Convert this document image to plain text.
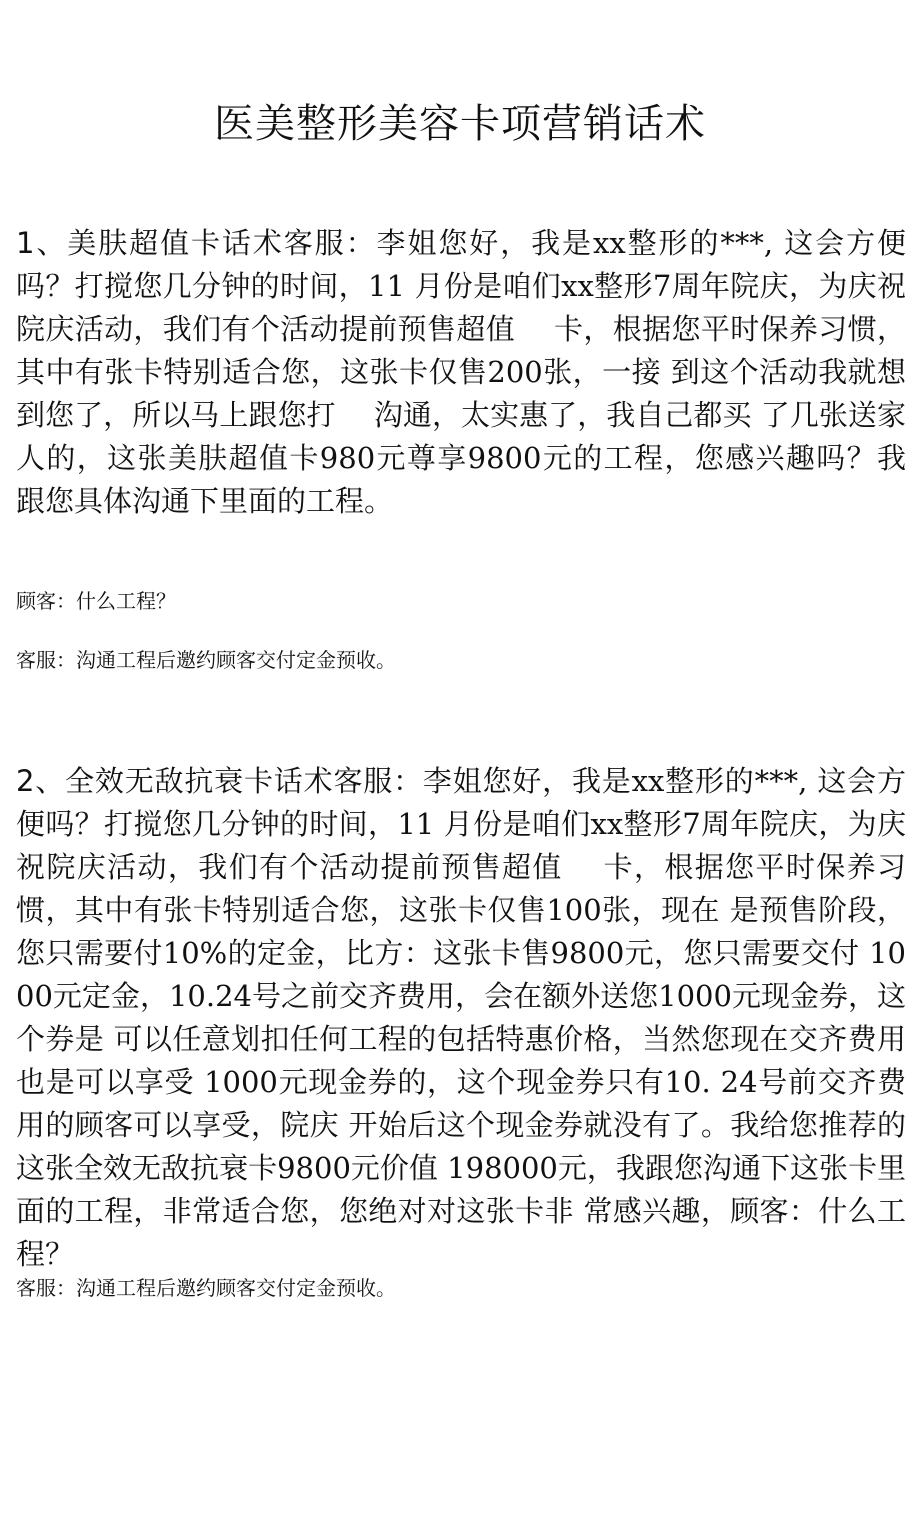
医美整形美容卡项营销话术

1、美肤超值卡话术客服：李姐您好，我是xx整形的***, 这会方便吗？打搅您几分钟的时间，11 月份是咱们xx整形7周年院庆，为庆祝院庆活动，我们有个活动提前预售超值　 卡，根据您平时保养习惯，其中有张卡特别适合您，这张卡仅售200张，一接 到这个活动我就想到您了，所以马上跟您打　 沟通，太实惠了，我自己都买 了几张送家人的，这张美肤超值卡980元尊享9800元的工程，您感兴趣吗？我 跟您具体沟通下里面的工程。

顾客：什么工程？

客服：沟通工程后邀约顾客交付定金预收。

2、全效无敌抗衰卡话术客服：李姐您好，我是xx整形的***, 这会方便吗？打搅您几分钟的时间，11 月份是咱们xx整形7周年院庆，为庆祝院庆活动，我们有个活动提前预售超值　 卡，根据您平时保养习惯，其中有张卡特别适合您，这张卡仅售100张，现在 是预售阶段，您只需要付10%的定金，比方：这张卡售9800元，您只需要交付 1000元定金，10.24号之前交齐费用，会在额外送您1000元现金券，这个券是 可以任意划扣任何工程的包括特惠价格，当然您现在交齐费用也是可以享受 1000元现金券的，这个现金券只有10. 24号前交齐费用的顾客可以享受，院庆 开始后这个现金券就没有了。我给您推荐的这张全效无敌抗衰卡9800元价值 198000元，我跟您沟通下这张卡里面的工程，非常适合您，您绝对对这张卡非 常感兴趣，顾客：什么工程？

客服：沟通工程后邀约顾客交付定金预收。
